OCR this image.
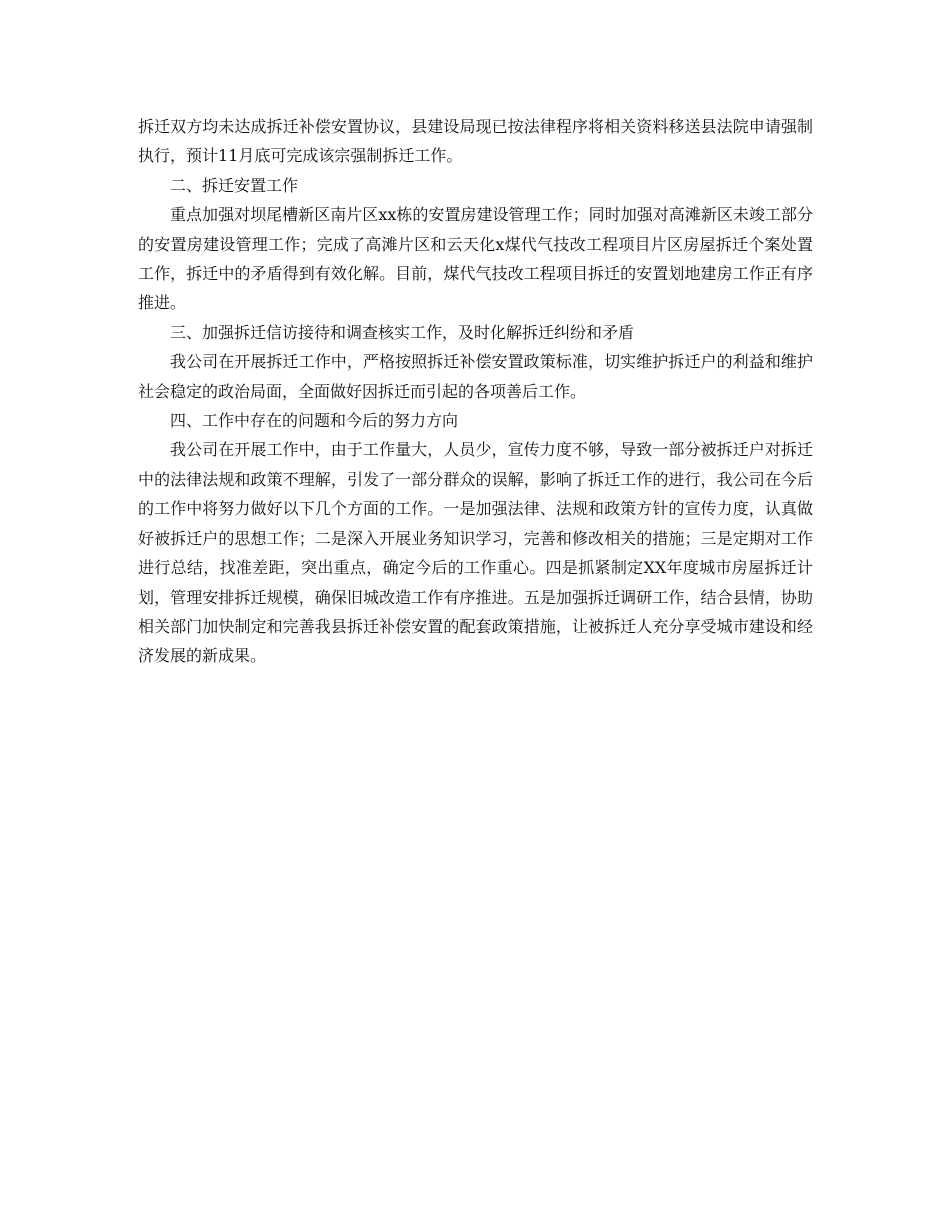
拆迁双方均未达成拆迁补偿安置协议，县建设局现已按法律程序将相关资料移送县法院申请强制执行，预计11月底可完成该宗强制拆迁工作。

二、拆迁安置工作

重点加强对坝尾槽新区南片区xx栋的安置房建设管理工作；同时加强对高滩新区未竣工部分的安置房建设管理工作；完成了高滩片区和云天化x煤代气技改工程项目片区房屋拆迁个案处置工作，拆迁中的矛盾得到有效化解。目前，煤代气技改工程项目拆迁的安置划地建房工作正有序推进。

三、加强拆迁信访接待和调查核实工作，及时化解拆迁纠纷和矛盾

我公司在开展拆迁工作中，严格按照拆迁补偿安置政策标准，切实维护拆迁户的利益和维护社会稳定的政治局面，全面做好因拆迁而引起的各项善后工作。

四、工作中存在的问题和今后的努力方向

我公司在开展工作中，由于工作量大，人员少，宣传力度不够，导致一部分被拆迁户对拆迁中的法律法规和政策不理解，引发了一部分群众的误解，影响了拆迁工作的进行，我公司在今后的工作中将努力做好以下几个方面的工作。一是加强法律、法规和政策方针的宣传力度，认真做好被拆迁户的思想工作；二是深入开展业务知识学习，完善和修改相关的措施；三是定期对工作进行总结，找准差距，突出重点，确定今后的工作重心。四是抓紧制定XX年度城市房屋拆迁计划，管理安排拆迁规模，确保旧城改造工作有序推进。五是加强拆迁调研工作，结合县情，协助相关部门加快制定和完善我县拆迁补偿安置的配套政策措施，让被拆迁人充分享受城市建设和经济发展的新成果。
